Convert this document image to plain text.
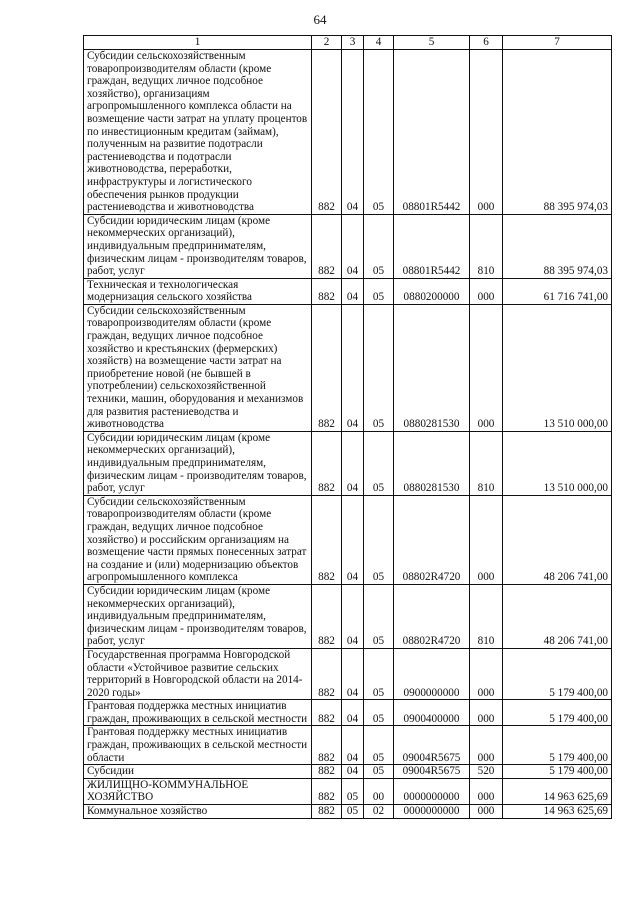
64
1	2	3	4	5	6	7
Субсидии сельскохозяйственным товаропроизводителям области (кроме граждан, ведущих личное подсобное хозяйство), организациям агропромышленного комплекса области на возмещение части затрат на уплату процентов по инвестиционным кредитам (займам), полученным на развитие подотрасли растениеводства и подотрасли животноводства, переработки, инфраструктуры и логистического обеспечения рынков продукции растениеводства и животноводства	882	04	05	08801R5442	000	88 395 974,03
Субсидии юридическим лицам (кроме некоммерческих организаций), индивидуальным предпринимателям, физическим лицам - производителям товаров, работ, услуг	882	04	05	08801R5442	810	88 395 974,03
Техническая и технологическая модернизация сельского хозяйства	882	04	05	0880200000	000	61 716 741,00
Субсидии сельскохозяйственным товаропроизводителям области (кроме граждан, ведущих личное подсобное хозяйство и крестьянских (фермерских) хозяйств) на возмещение части затрат на приобретение новой (не бывшей в употреблении) сельскохозяйственной техники, машин, оборудования и механизмов для развития растениеводства и животноводства	882	04	05	0880281530	000	13 510 000,00
Субсидии юридическим лицам (кроме некоммерческих организаций), индивидуальным предпринимателям, физическим лицам - производителям товаров, работ, услуг	882	04	05	0880281530	810	13 510 000,00
Субсидии сельскохозяйственным товаропроизводителям области (кроме граждан, ведущих личное подсобное хозяйство) и российским организациям на возмещение части прямых понесенных затрат на создание и (или) модернизацию объектов агропромышленного комплекса	882	04	05	08802R4720	000	48 206 741,00
Субсидии юридическим лицам (кроме некоммерческих организаций), индивидуальным предпринимателям, физическим лицам - производителям товаров, работ, услуг	882	04	05	08802R4720	810	48 206 741,00
Государственная программа Новгородской области «Устойчивое развитие сельских территорий в Новгородской области на 2014-2020 годы»	882	04	05	0900000000	000	5 179 400,00
Грантовая поддержка местных инициатив граждан, проживающих в сельской местности	882	04	05	0900400000	000	5 179 400,00
Грантовая поддержку местных инициатив граждан, проживающих в сельской местности области	882	04	05	09004R5675	000	5 179 400,00
Субсидии	882	04	05	09004R5675	520	5 179 400,00
ЖИЛИЩНО-КОММУНАЛЬНОЕ ХОЗЯЙСТВО	882	05	00	0000000000	000	14 963 625,69
Коммунальное хозяйство	882	05	02	0000000000	000	14 963 625,69
